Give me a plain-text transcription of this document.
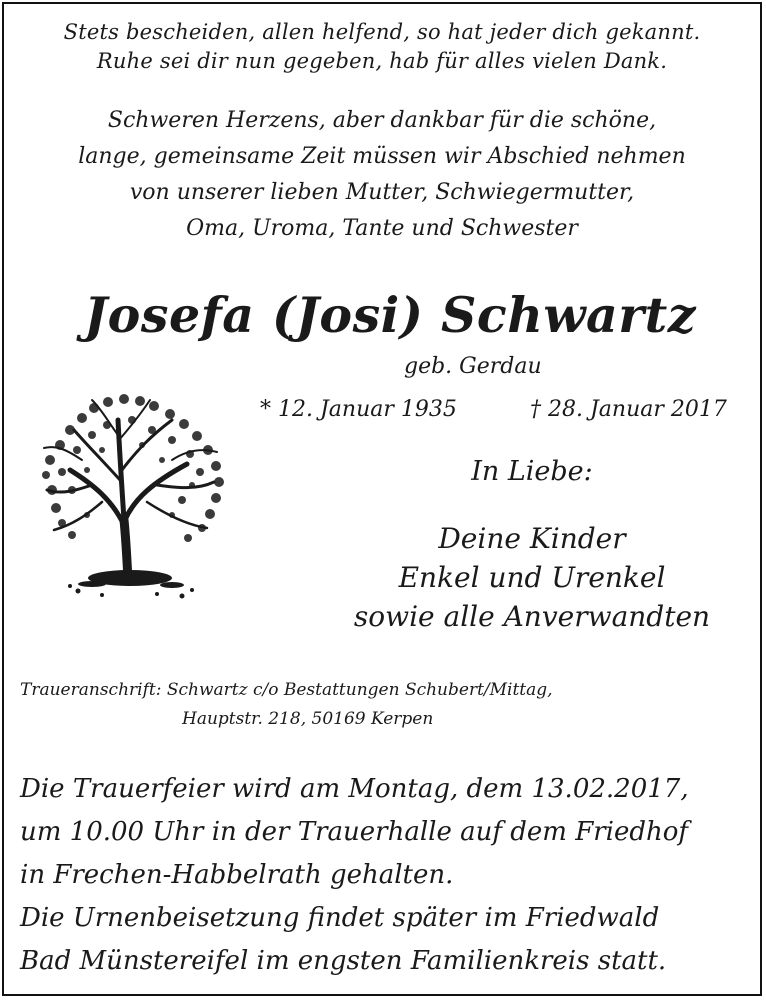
Stets bescheiden, allen helfend, so hat jeder dich gekannt.
Ruhe sei dir nun gegeben, hab für alles vielen Dank.
Schweren Herzens, aber dankbar für die schöne,
lange, gemeinsame Zeit müssen wir Abschied nehmen
von unserer lieben Mutter, Schwiegermutter,
Oma, Uroma, Tante und Schwester
Josefa (Josi) Schwartz
geb. Gerdau
* 12. Januar 1935	† 28. Januar 2017
In Liebe:
Deine Kinder
Enkel und Urenkel
sowie alle Anverwandten
Traueranschrift: Schwartz c/o Bestattungen Schubert/Mittag,
Hauptstr. 218, 50169 Kerpen
Die Trauerfeier wird am Montag, dem 13.02.2017,
um 10.00 Uhr in der Trauerhalle auf dem Friedhof
in Frechen-Habbelrath gehalten.
Die Urnenbeisetzung findet später im Friedwald
Bad Münstereifel im engsten Familienkreis statt.
